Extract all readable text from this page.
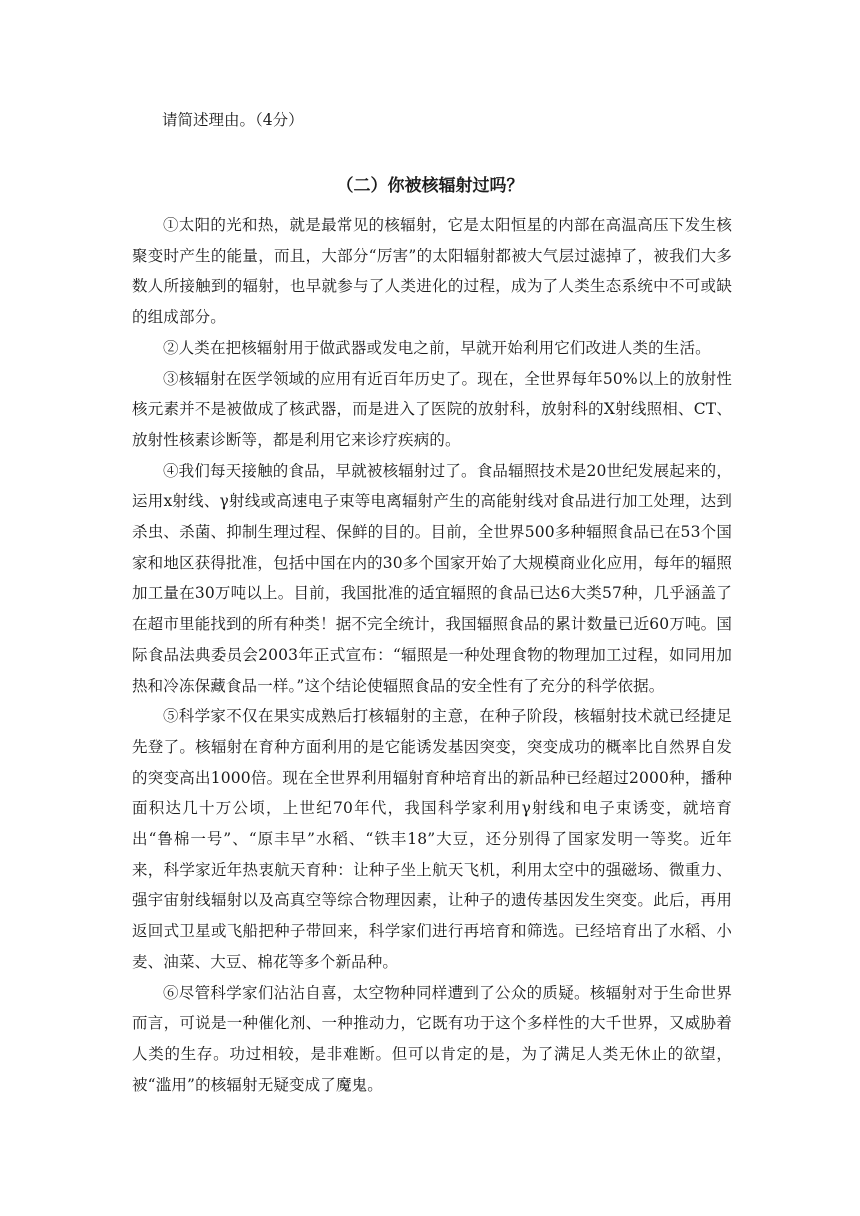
请简述理由。（4分）

（二）你被核辐射过吗？

①太阳的光和热，就是最常见的核辐射，它是太阳恒星的内部在高温高压下发生核聚变时产生的能量，而且，大部分“厉害”的太阳辐射都被大气层过滤掉了，被我们大多数人所接触到的辐射，也早就参与了人类进化的过程，成为了人类生态系统中不可或缺的组成部分。

②人类在把核辐射用于做武器或发电之前，早就开始利用它们改进人类的生活。

③核辐射在医学领域的应用有近百年历史了。现在，全世界每年50%以上的放射性核元素并不是被做成了核武器，而是进入了医院的放射科，放射科的X射线照相、CT、放射性核素诊断等，都是利用它来诊疗疾病的。

④我们每天接触的食品，早就被核辐射过了。食品辐照技术是20世纪发展起来的，运用x射线、γ射线或高速电子束等电离辐射产生的高能射线对食品进行加工处理，达到杀虫、杀菌、抑制生理过程、保鲜的目的。目前，全世界500多种辐照食品已在53个国家和地区获得批准，包括中国在内的30多个国家开始了大规模商业化应用，每年的辐照加工量在30万吨以上。目前，我国批准的适宜辐照的食品已达6大类57种，几乎涵盖了在超市里能找到的所有种类！据不完全统计，我国辐照食品的累计数量已近60万吨。国际食品法典委员会2003年正式宣布：“辐照是一种处理食物的物理加工过程，如同用加热和冷冻保藏食品一样。”这个结论使辐照食品的安全性有了充分的科学依据。

⑤科学家不仅在果实成熟后打核辐射的主意，在种子阶段，核辐射技术就已经捷足先登了。核辐射在育种方面利用的是它能诱发基因突变，突变成功的概率比自然界自发的突变高出1000倍。现在全世界利用辐射育种培育出的新品种已经超过2000种，播种面积达几十万公顷，上世纪70年代，我国科学家利用γ射线和电子束诱变，就培育出“鲁棉一号”、“原丰早”水稻、“铁丰18”大豆，还分别得了国家发明一等奖。近年来，科学家近年热衷航天育种：让种子坐上航天飞机，利用太空中的强磁场、微重力、强宇宙射线辐射以及高真空等综合物理因素，让种子的遗传基因发生突变。此后，再用返回式卫星或飞船把种子带回来，科学家们进行再培育和筛选。已经培育出了水稻、小麦、油菜、大豆、棉花等多个新品种。

⑥尽管科学家们沾沾自喜，太空物种同样遭到了公众的质疑。核辐射对于生命世界而言，可说是一种催化剂、一种推动力，它既有功于这个多样性的大千世界，又威胁着人类的生存。功过相较，是非难断。但可以肯定的是，为了满足人类无休止的欲望，被“滥用”的核辐射无疑变成了魔鬼。
